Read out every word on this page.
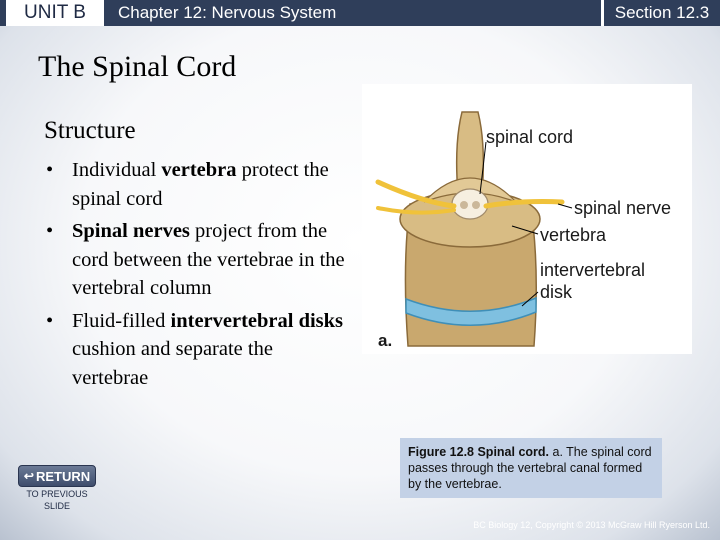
UNIT B	Chapter 12: Nervous System	Section 12.3
The Spinal Cord
Structure
• Individual vertebra protect the spinal cord
• Spinal nerves project from the cord between the vertebrae in the vertebral column
• Fluid-filled intervertebral disks cushion and separate the vertebrae
spinal cord
spinal nerve
vertebra
intervertebral
disk
a.
Figure 12.8 Spinal cord. a. The spinal cord passes through the vertebral canal formed by the vertebrae.
↩ RETURN
TO PREVIOUS SLIDE
BC Biology 12, Copyright © 2013 McGraw Hill Ryerson Ltd.
